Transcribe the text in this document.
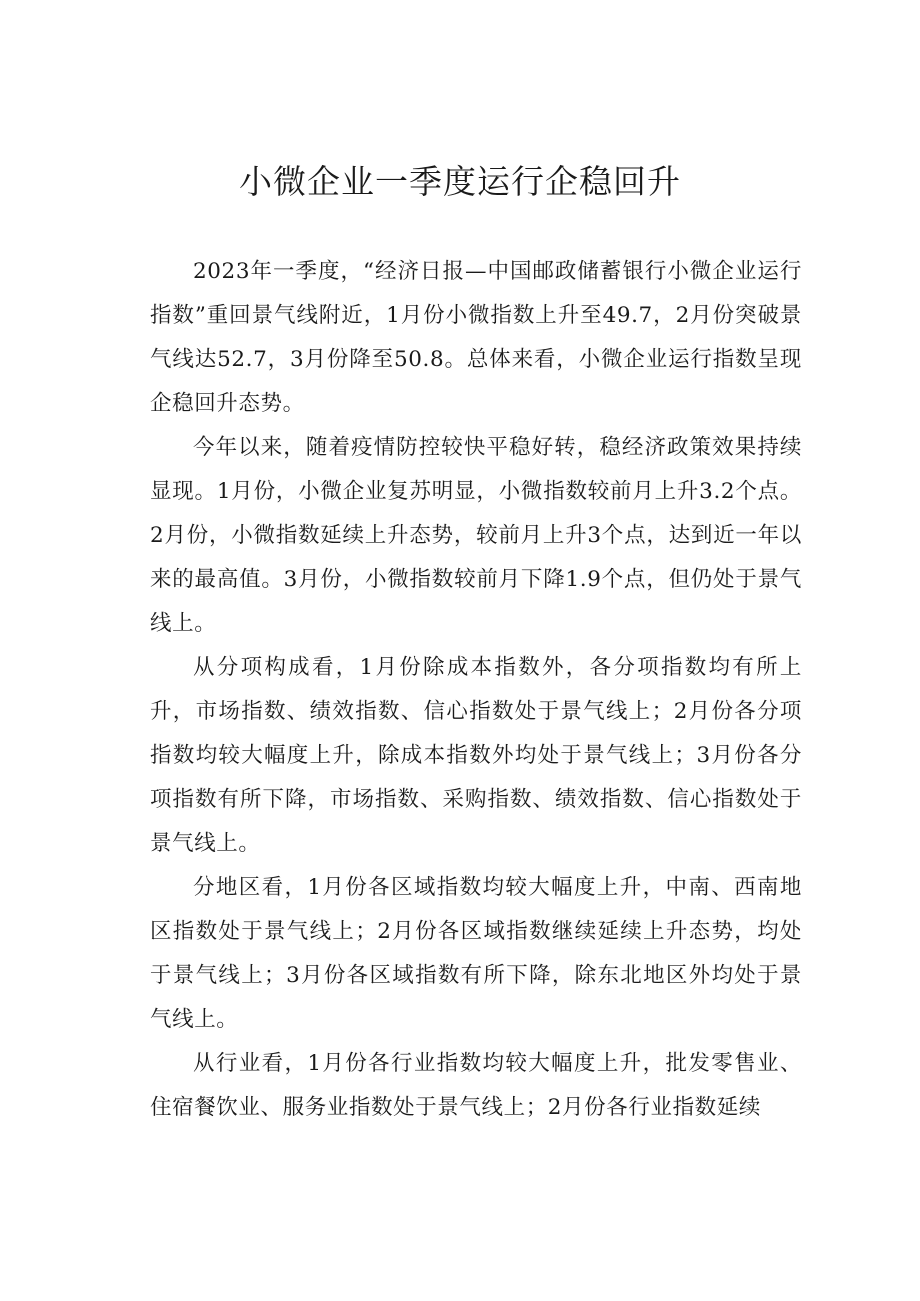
小微企业一季度运行企稳回升

2023年一季度，“经济日报—中国邮政储蓄银行小微企业运行指数”重回景气线附近，1月份小微指数上升至49.7，2月份突破景气线达52.7，3月份降至50.8。总体来看，小微企业运行指数呈现企稳回升态势。

今年以来，随着疫情防控较快平稳好转，稳经济政策效果持续显现。1月份，小微企业复苏明显，小微指数较前月上升3.2个点。2月份，小微指数延续上升态势，较前月上升3个点，达到近一年以来的最高值。3月份，小微指数较前月下降1.9个点，但仍处于景气线上。

从分项构成看，1月份除成本指数外，各分项指数均有所上升，市场指数、绩效指数、信心指数处于景气线上；2月份各分项指数均较大幅度上升，除成本指数外均处于景气线上；3月份各分项指数有所下降，市场指数、采购指数、绩效指数、信心指数处于景气线上。

分地区看，1月份各区域指数均较大幅度上升，中南、西南地区指数处于景气线上；2月份各区域指数继续延续上升态势，均处于景气线上；3月份各区域指数有所下降，除东北地区外均处于景气线上。

从行业看，1月份各行业指数均较大幅度上升，批发零售业、住宿餐饮业、服务业指数处于景气线上；2月份各行业指数延续
